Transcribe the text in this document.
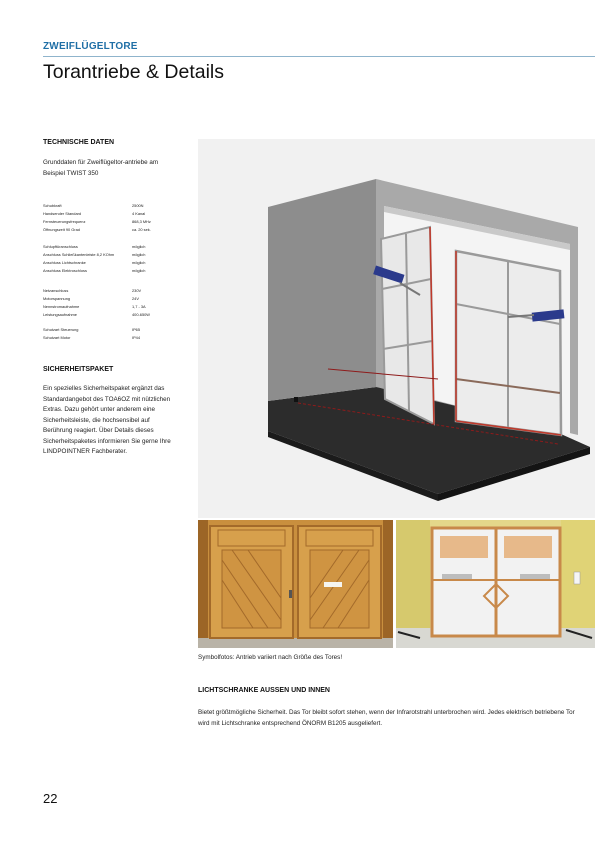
ZWEIFLÜGELTORE
Torantriebe & Details
TECHNISCHE DATEN
Grunddaten für Zweiflügeltor-antriebe am Beispiel TWIST 350
Schubkraft	2500N
Handsender Standard	4 Kanal
Fernsteuerungsfrequenz	868,3 MHz
Öffnungszeit 90 Grad	ca. 20 sek.
Schlupftüranschluss	möglich
Anschluss Schließkantenleiste 8,2 KOhm	möglich
Anschluss Lichtschranke	möglich
Anschluss Elektroschloss	möglich
Netzanschluss	230V
Motorspannung	24V
Nennstromaufnahme	1,7 - 3A
Leistungsaufnahme	400-650W
Schutzart Steuerung	IP65
Schutzart Motor	IP44
SICHERHEITSPAKET
Ein spezielles Sicherheitspaket ergänzt das Standardangebot des TOA6OZ mit nützlichen Extras. Dazu gehört unter anderem eine Sicherheitsleiste, die hochsensibel auf Berührung reagiert. Über Details dieses Sicherheitspaketes informieren Sie gerne Ihre LINDPOINTNER Fachberater.
Symbolfotos: Antrieb variiert nach Größe des Tores!
LICHTSCHRANKE AUSSEN UND INNEN
Bietet größtmögliche Sicherheit. Das Tor bleibt sofort stehen, wenn der Infrarotstrahl unterbrochen wird. Jedes elektrisch betriebene Tor wird mit Lichtschranke entsprechend ÖNORM B1205 ausgeliefert.
22
